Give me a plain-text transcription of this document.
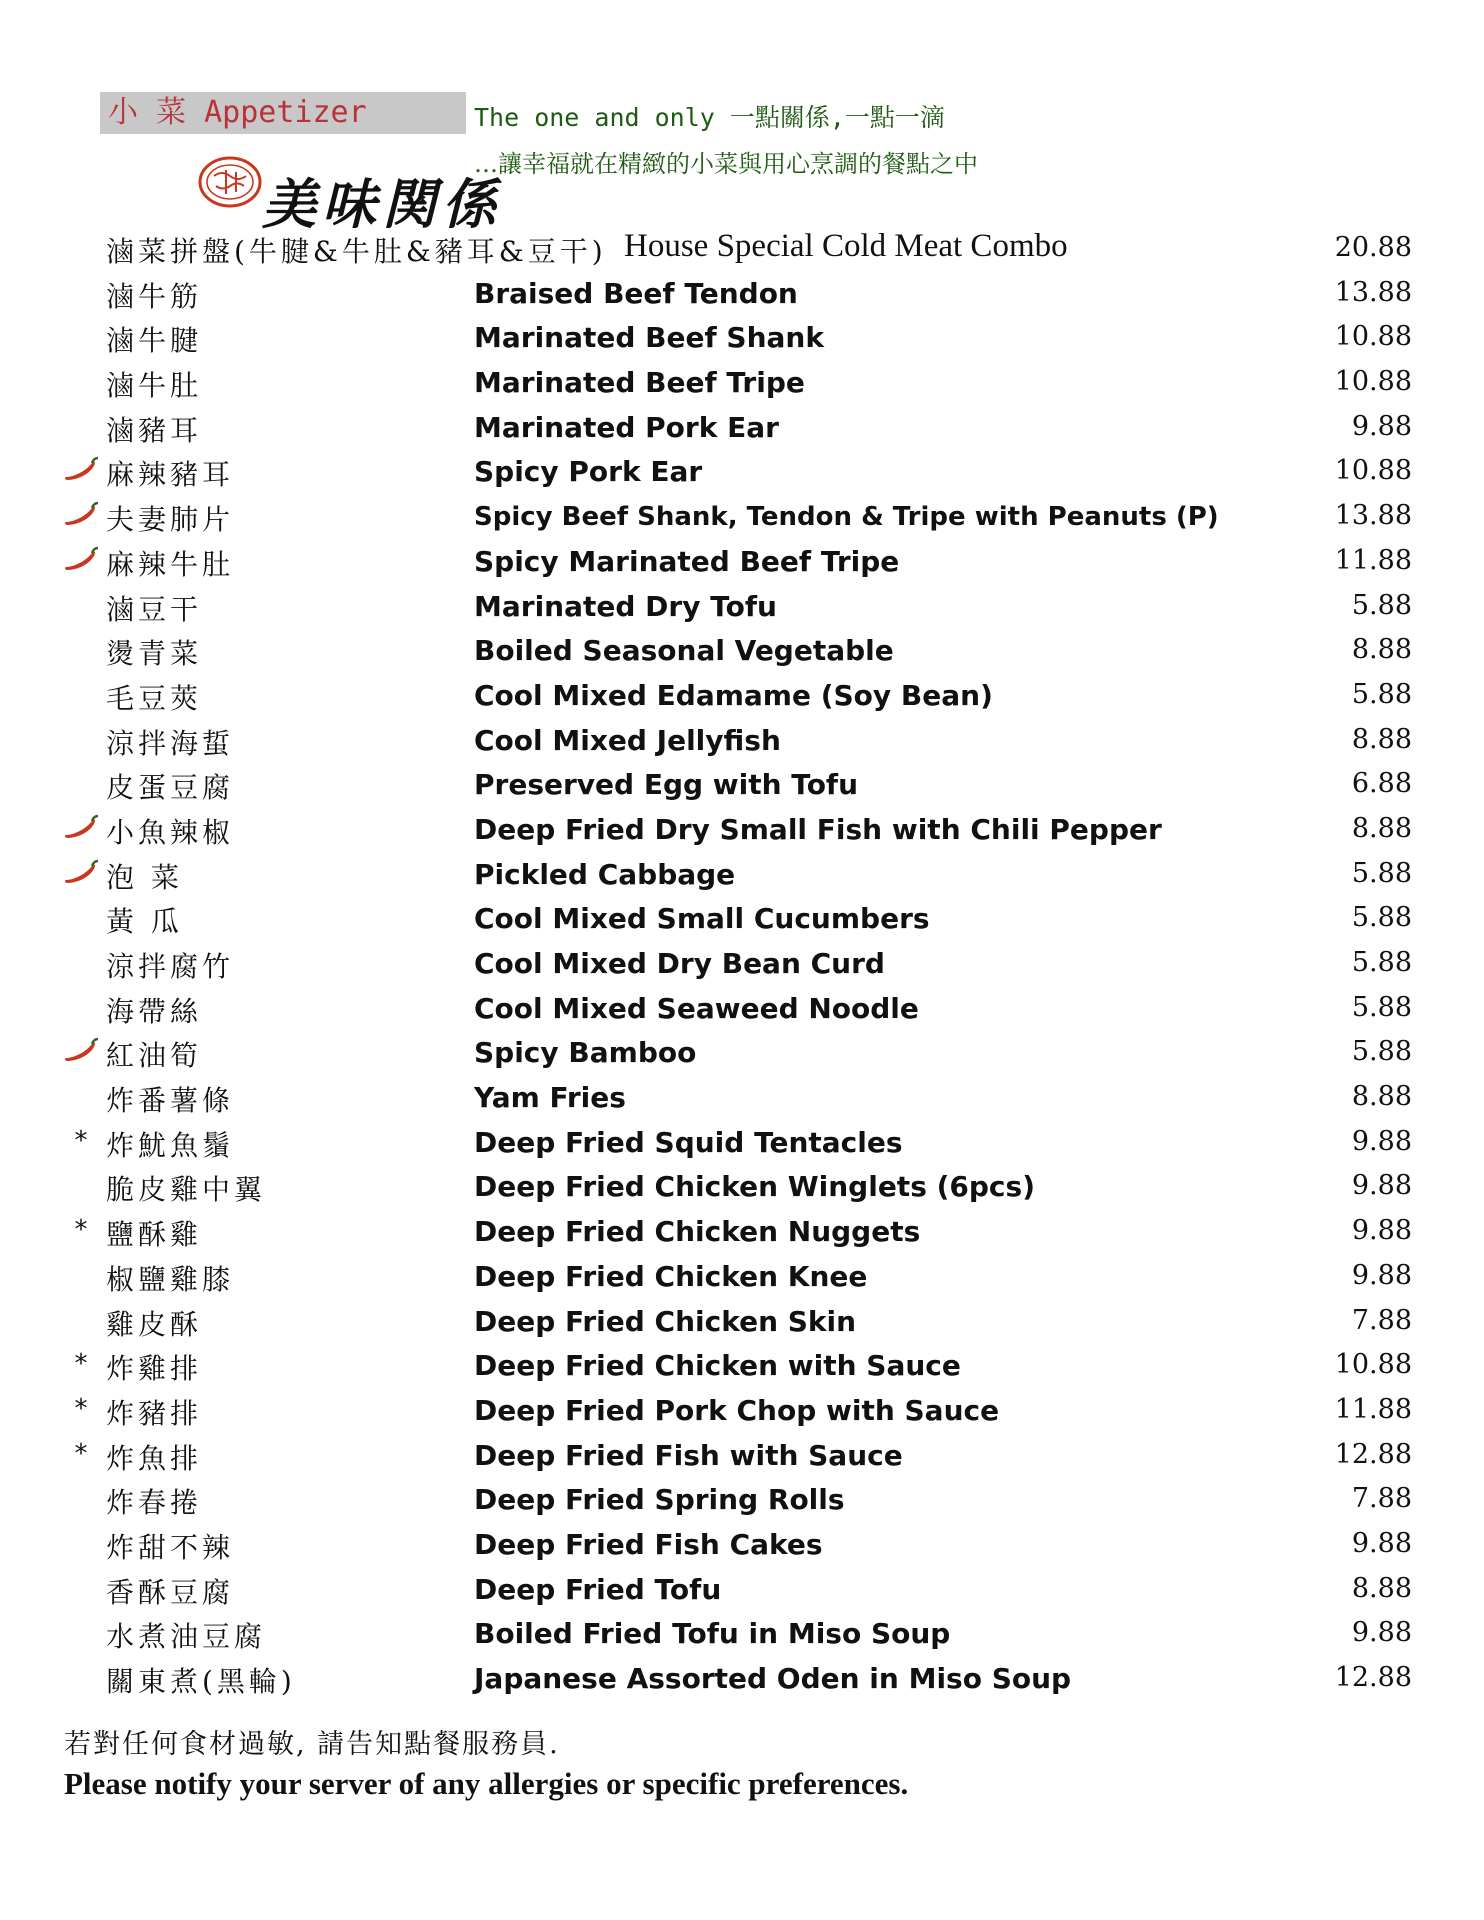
小 菜 Appetizer	The one and only 一點關係,一點一滴
…讓幸福就在精緻的小菜與用心烹調的餐點之中
美味関係
滷菜拼盤(牛腱&牛肚&豬耳&豆干) House Special Cold Meat Combo	20.88
滷牛筋	Braised Beef Tendon	13.88
滷牛腱	Marinated Beef Shank	10.88
滷牛肚	Marinated Beef Tripe	10.88
滷豬耳	Marinated Pork Ear	9.88
麻辣豬耳	Spicy Pork Ear	10.88
夫妻肺片	Spicy Beef Shank, Tendon & Tripe with Peanuts (P)	13.88
麻辣牛肚	Spicy Marinated Beef Tripe	11.88
滷豆干	Marinated Dry Tofu	5.88
燙青菜	Boiled Seasonal Vegetable	8.88
毛豆莢	Cool Mixed Edamame (Soy Bean)	5.88
涼拌海蜇	Cool Mixed Jellyfish	8.88
皮蛋豆腐	Preserved Egg with Tofu	6.88
小魚辣椒	Deep Fried Dry Small Fish with Chili Pepper	8.88
泡 菜	Pickled Cabbage	5.88
黃 瓜	Cool Mixed Small Cucumbers	5.88
涼拌腐竹	Cool Mixed Dry Bean Curd	5.88
海帶絲	Cool Mixed Seaweed Noodle	5.88
紅油筍	Spicy Bamboo	5.88
炸番薯條	Yam Fries	8.88
* 炸魷魚鬚	Deep Fried Squid Tentacles	9.88
脆皮雞中翼	Deep Fried Chicken Winglets (6pcs)	9.88
* 鹽酥雞	Deep Fried Chicken Nuggets	9.88
椒鹽雞膝	Deep Fried Chicken Knee	9.88
雞皮酥	Deep Fried Chicken Skin	7.88
* 炸雞排	Deep Fried Chicken with Sauce	10.88
* 炸豬排	Deep Fried Pork Chop with Sauce	11.88
* 炸魚排	Deep Fried Fish with Sauce	12.88
炸春捲	Deep Fried Spring Rolls	7.88
炸甜不辣	Deep Fried Fish Cakes	9.88
香酥豆腐	Deep Fried Tofu	8.88
水煮油豆腐	Boiled Fried Tofu in Miso Soup	9.88
關東煮(黑輪)	Japanese Assorted Oden in Miso Soup	12.88
若對任何食材過敏, 請告知點餐服務員.
Please notify your server of any allergies or specific preferences.
